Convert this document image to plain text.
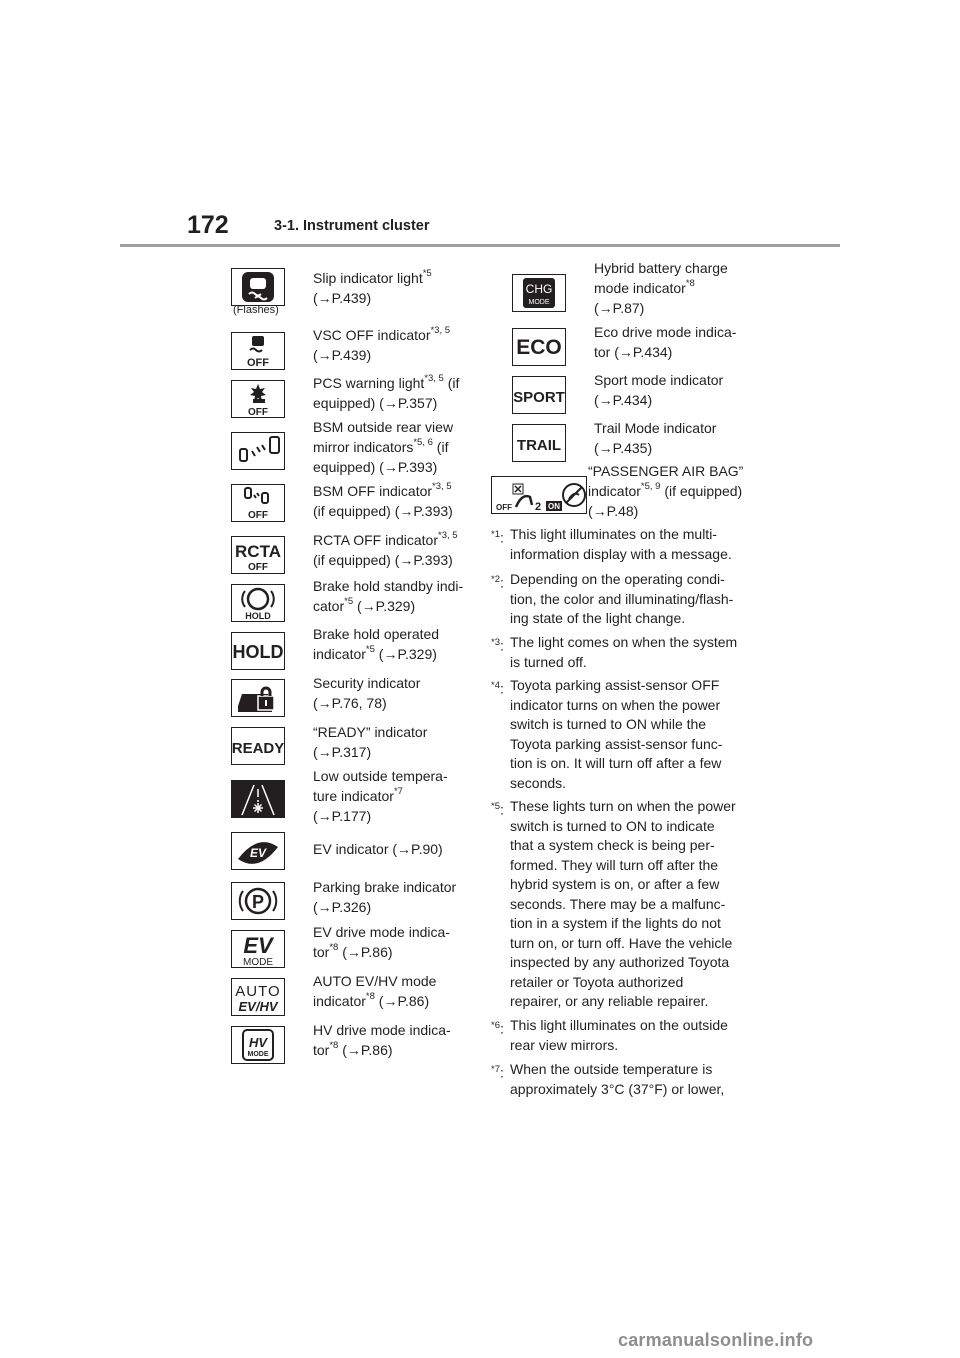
172	3-1. Instrument cluster
(Flashes)
Slip indicator light$^{*5}$
(→P.439)
OFF
VSC OFF indicator$^{*3, 5}$
(→P.439)
OFF
PCS warning light$^{*3, 5}$ (if
equipped) (→P.357)
BSM outside rear view
mirror indicators$^{*5, 6}$ (if
equipped) (→P.393)
OFF
BSM OFF indicator$^{*3, 5}$
(if equipped) (→P.393)
RCTA
OFF
RCTA OFF indicator$^{*3, 5}$
(if equipped) (→P.393)
HOLD
Brake hold standby indi-
cator$^{*5}$ (→P.329)
HOLD
Brake hold operated
indicator$^{*5}$ (→P.329)
Security indicator
(→P.76, 78)
READY
“READY” indicator
(→P.317)
Low outside tempera-
ture indicator$^{*7}$
(→P.177)
EV	EV indicator (→P.90)
P
Parking brake indicator
(→P.326)
EV
MODE
EV drive mode indica-
tor$^{*8}$ (→P.86)
AUTO
EV/HV
AUTO EV/HV mode
indicator$^{*8}$ (→P.86)
HV
MODE
HV drive mode indica-
tor$^{*8}$ (→P.86)
CHG
MODE
Hybrid battery charge
mode indicator$^{*8}$
(→P.87)
ECO
Eco drive mode indica-
tor (→P.434)
SPORT
Sport mode indicator
(→P.434)
TRAIL
Trail Mode indicator
(→P.435)
OFF 2 ON
“PASSENGER AIR BAG”
indicator$^{*5, 9}$ (if equipped)
(→P.48)
$^{*1}$: This light illuminates on the multi-
information display with a message.
$^{*2}$: Depending on the operating condi-
tion, the color and illuminating/flash-
ing state of the light change.
$^{*3}$: The light comes on when the system
is turned off.
$^{*4}$: Toyota parking assist-sensor OFF
indicator turns on when the power
switch is turned to ON while the
Toyota parking assist-sensor func-
tion is on. It will turn off after a few
seconds.
$^{*5}$: These lights turn on when the power
switch is turned to ON to indicate
that a system check is being per-
formed. They will turn off after the
hybrid system is on, or after a few
seconds. There may be a malfunc-
tion in a system if the lights do not
turn on, or turn off. Have the vehicle
inspected by any authorized Toyota
retailer or Toyota authorized
repairer, or any reliable repairer.
$^{*6}$: This light illuminates on the outside
rear view mirrors.
$^{*7}$: When the outside temperature is
approximately 3°C (37°F) or lower,
carmanualsonline.info
